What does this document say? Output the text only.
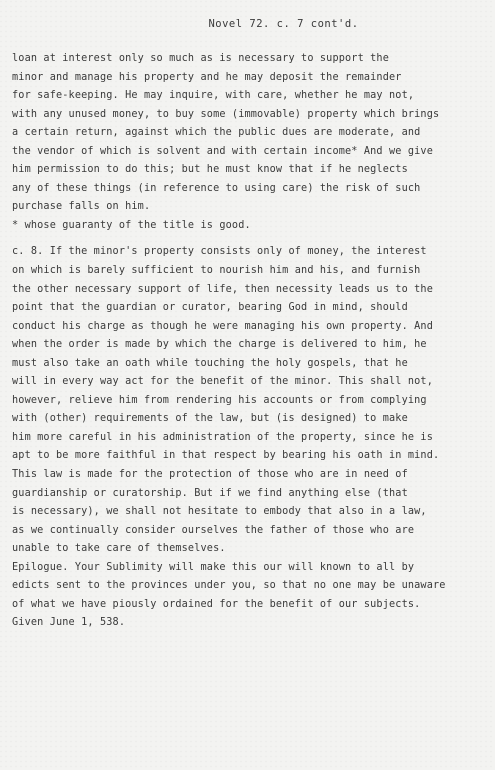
Novel 72. c. 7 cont'd.
loan at interest only so much as is necessary to support the
minor and manage his property and he may deposit the remainder
for safe-keeping. He may inquire, with care, whether he may not,
with any unused money, to buy some (immovable) property which brings
a certain return, against which the public dues are moderate, and
the vendor of which is solvent and with certain income* And we give
him permission to do this; but he must know that if he neglects
any of these things (in reference to using care) the risk of such
purchase falls on him.
* whose guaranty of the title is good.
c. 8. If the minor's property consists only of money, the interest
on which is barely sufficient to nourish him and his, and furnish
the other necessary support of life, then necessity leads us to the
point that the guardian or curator, bearing God in mind, should
conduct his charge as though he were managing his own property. And
when the order is made by which the charge is delivered to him, he
must also take an oath while touching the holy gospels, that he
will in every way act for the benefit of the minor. This shall not,
however, relieve him from rendering his accounts or from complying
with (other) requirements of the law, but (is designed) to make
him more careful in his administration of the property, since he is
apt to be more faithful in that respect by bearing his oath in mind.
This law is made for the protection of those who are in need of
guardianship or curatorship. But if we find anything else (that
is necessary), we shall not hesitate to embody that also in a law,
as we continually consider ourselves the father of those who are
unable to take care of themselves.
Epilogue. Your Sublimity will make this our will known to all by
edicts sent to the provinces under you, so that no one may be unaware
of what we have piously ordained for the benefit of our subjects.
Given June 1, 538.
